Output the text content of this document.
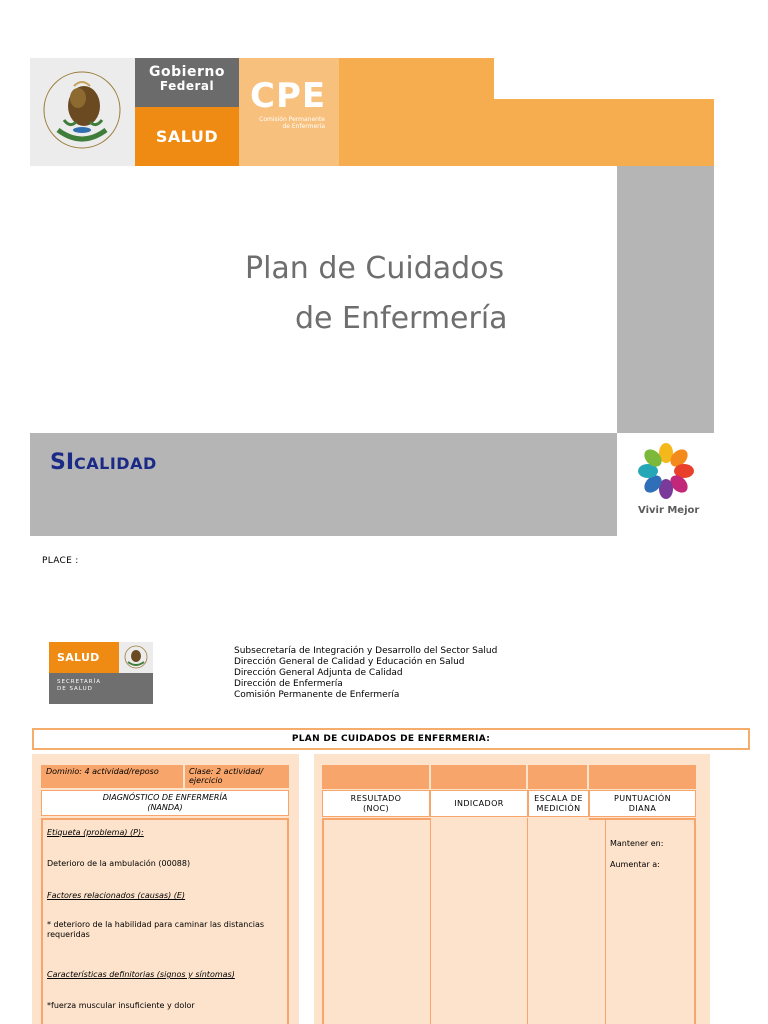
Gobierno
Federal
SALUD
CPE
Comisión Permanente
de Enfermería
Plan de Cuidados
de Enfermería
SICALIDAD
Vivir Mejor
PLACE :
SALUD
SECRETARÍA
DE SALUD
Subsecretaría de Integración y Desarrollo del Sector Salud
Dirección General de Calidad y Educación en Salud
Dirección General Adjunta de Calidad
Dirección de Enfermería
Comisión Permanente de Enfermería
PLAN DE CUIDADOS DE ENFERMERIA:
Dominio: 4 actividad/reposo	Clase: 2 actividad/ ejercicio
DIAGNÓSTICO DE ENFERMERÍA
(NANDA)
Etiqueta (problema) (P):
Deterioro de la ambulación (00088)
Factores relacionados (causas) (E)
* deterioro de la habilidad para caminar las distancias
requeridas
Características definitorias (signos y síntomas)
*fuerza muscular insuficiente y dolor
RESULTADO
(NOC)
INDICADOR
ESCALA DE
MEDICIÓN
PUNTUACIÓN
DIANA
Mantener en:
Aumentar a:
